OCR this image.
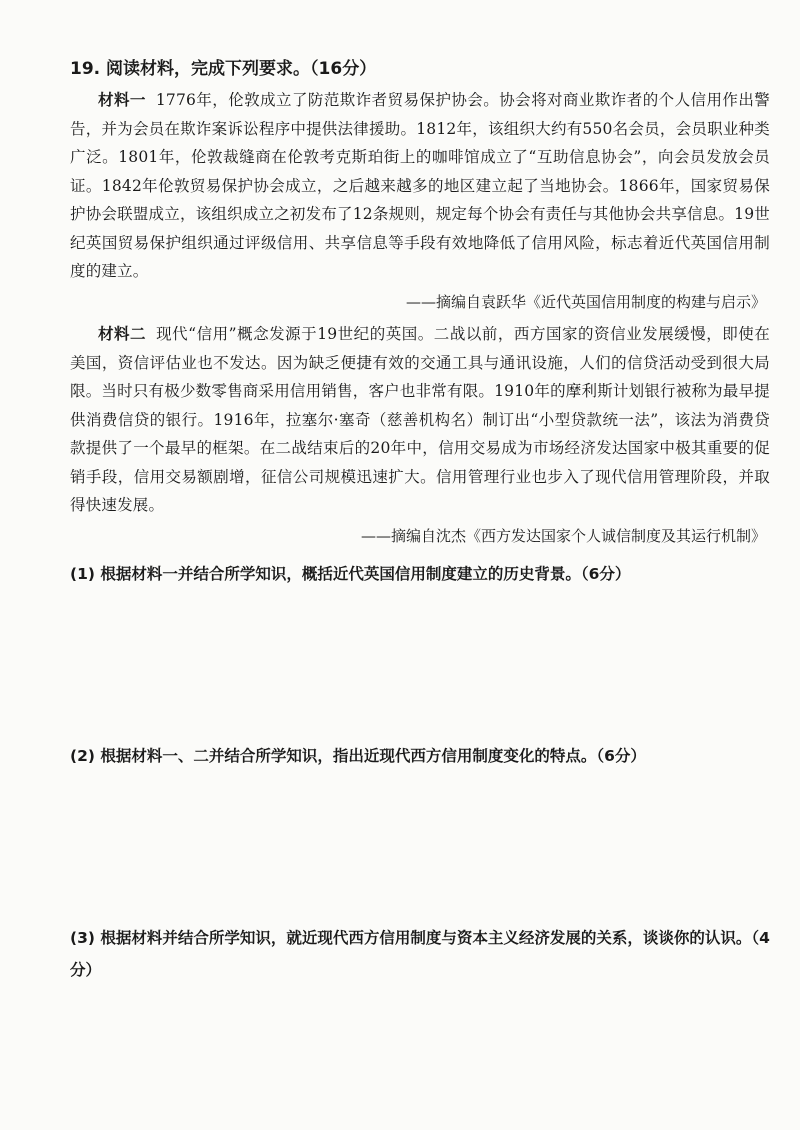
19. 阅读材料，完成下列要求。（16分）
材料一 1776年，伦敦成立了防范欺诈者贸易保护协会。协会将对商业欺诈者的个人信用作出警告，并为会员在欺诈案诉讼程序中提供法律援助。1812年，该组织大约有550名会员，会员职业种类广泛。1801年，伦敦裁缝商在伦敦考克斯珀街上的咖啡馆成立了“互助信息协会”，向会员发放会员证。1842年伦敦贸易保护协会成立，之后越来越多的地区建立起了当地协会。1866年，国家贸易保护协会联盟成立，该组织成立之初发布了12条规则，规定每个协会有责任与其他协会共享信息。19世纪英国贸易保护组织通过评级信用、共享信息等手段有效地降低了信用风险，标志着近代英国信用制度的建立。
——摘编自袁跃华《近代英国信用制度的构建与启示》
材料二 现代“信用”概念发源于19世纪的英国。二战以前，西方国家的资信业发展缓慢，即使在美国，资信评估业也不发达。因为缺乏便捷有效的交通工具与通讯设施，人们的信贷活动受到很大局限。当时只有极少数零售商采用信用销售，客户也非常有限。1910年的摩利斯计划银行被称为最早提供消费信贷的银行。1916年，拉塞尔·塞奇（慈善机构名）制订出“小型贷款统一法”，该法为消费贷款提供了一个最早的框架。在二战结束后的20年中，信用交易成为市场经济发达国家中极其重要的促销手段，信用交易额剧增，征信公司规模迅速扩大。信用管理行业也步入了现代信用管理阶段，并取得快速发展。
——摘编自沈杰《西方发达国家个人诚信制度及其运行机制》
(1) 根据材料一并结合所学知识，概括近代英国信用制度建立的历史背景。（6分）
(2) 根据材料一、二并结合所学知识，指出近现代西方信用制度变化的特点。（6分）
(3) 根据材料并结合所学知识，就近现代西方信用制度与资本主义经济发展的关系，谈谈你的认识。（4分）
